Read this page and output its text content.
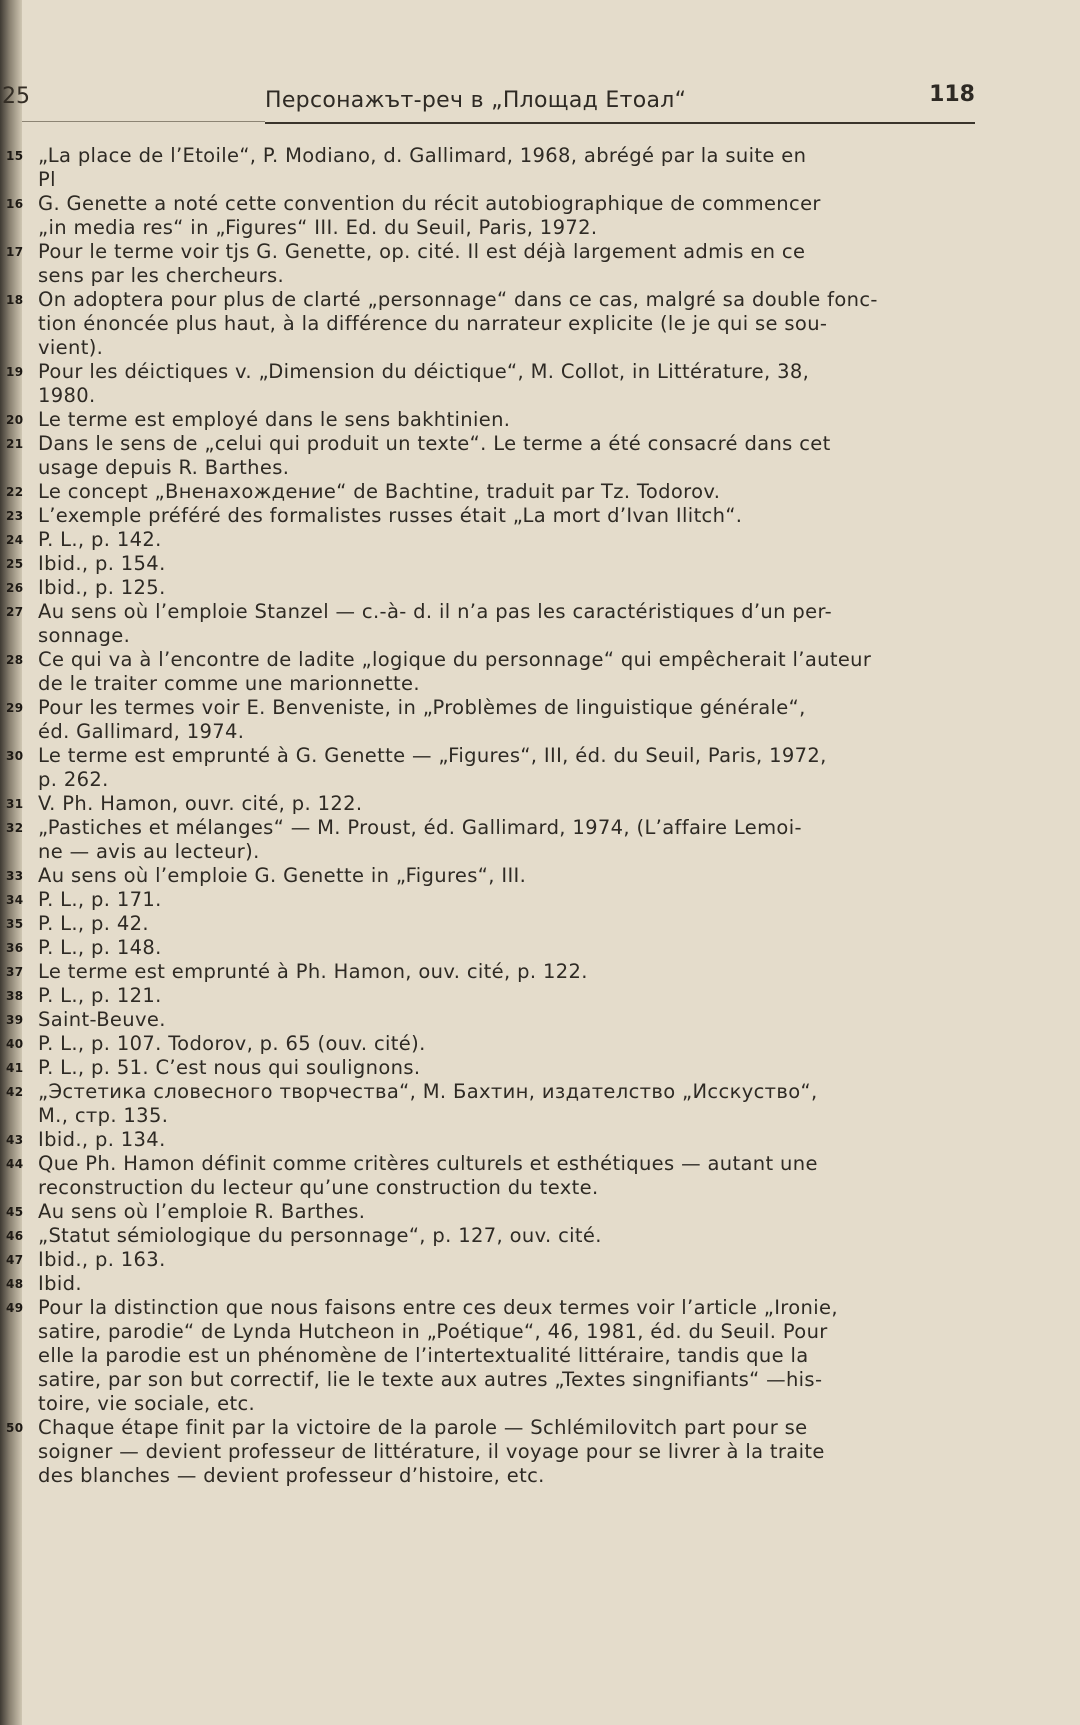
25	Персонажът-реч в „Площад Етоал“	118
15 „La place de l’Etoile“, P. Modiano, d. Gallimard, 1968, abrégé par la suite en
Pl
16 G. Genette a noté cette convention du récit autobiographique de commencer
„in media res“ in „Figures“ III. Ed. du Seuil, Paris, 1972.
17 Pour le terme voir tjs G. Genette, op. cité. Il est déjà largement admis en ce
sens par les chercheurs.
18 On adoptera pour plus de clarté „personnage“ dans ce cas, malgré sa double fonc-
tion énoncée plus haut, à la différence du narrateur explicite (le je qui se sou-
vient).
19 Pour les déictiques v. „Dimension du déictique“, M. Collot, in Littérature, 38,
1980.
20 Le terme est employé dans le sens bakhtinien.
21 Dans le sens de „celui qui produit un texte“. Le terme a été consacré dans cet
usage depuis R. Barthes.
22 Le concept „Вненахождение“ de Bachtine, traduit par Tz. Todorov.
23 L’exemple préféré des formalistes russes était „La mort d’Ivan Ilitch“.
24 P. L., p. 142.
25 Ibid., p. 154.
26 Ibid., p. 125.
27 Au sens où l’emploie Stanzel — c.-à- d. il n’a pas les caractéristiques d’un per-
sonnage.
28 Ce qui va à l’encontre de ladite „logique du personnage“ qui empêcherait l’auteur
de le traiter comme une marionnette.
29 Pour les termes voir E. Benveniste, in „Problèmes de linguistique générale“,
éd. Gallimard, 1974.
30 Le terme est emprunté à G. Genette — „Figures“, III, éd. du Seuil, Paris, 1972,
p. 262.
31 V. Ph. Hamon, ouvr. cité, p. 122.
32 „Pastiches et mélanges“ — M. Proust, éd. Gallimard, 1974, (L’affaire Lemoi-
ne — avis au lecteur).
33 Au sens où l’emploie G. Genette in „Figures“, III.
34 P. L., p. 171.
35 P. L., p. 42.
36 P. L., p. 148.
37 Le terme est emprunté à Ph. Hamon, ouv. cité, p. 122.
38 P. L., p. 121.
39 Saint-Beuve.
40 P. L., p. 107. Todorov, p. 65 (ouv. cité).
41 P. L., p. 51. C’est nous qui soulignons.
42 „Эстетика словесного творчества“, М. Бахтин, издателство „Исскуство“,
М., стр. 135.
43 Ibid., p. 134.
44 Que Ph. Hamon définit comme critères culturels et esthétiques — autant une
reconstruction du lecteur qu’une construction du texte.
45 Au sens où l’emploie R. Barthes.
46 „Statut sémiologique du personnage“, p. 127, ouv. cité.
47 Ibid., p. 163.
48 Ibid.
49 Pour la distinction que nous faisons entre ces deux termes voir l’article „Ironie,
satire, parodie“ de Lynda Hutcheon in „Poétique“, 46, 1981, éd. du Seuil. Pour
elle la parodie est un phénomène de l’intertextualité littéraire, tandis que la
satire, par son but correctif, lie le texte aux autres „Textes singnifiants“ —his-
toire, vie sociale, etc.
50 Chaque étape finit par la victoire de la parole — Schlémilovitch part pour se
soigner — devient professeur de littérature, il voyage pour se livrer à la traite
des blanches — devient professeur d’histoire, etc.
